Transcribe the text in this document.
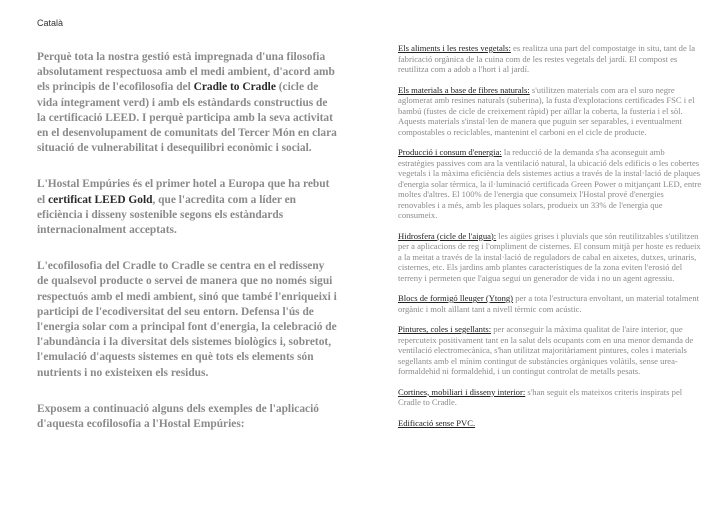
Català

Perquè tota la nostra gestió està impregnada d'una filosofia absolutament respectuosa amb el medi ambient, d'acord amb els principis de l'ecofilosofia del Cradle to Cradle (cicle de vida íntegrament verd) i amb els estàndards constructius de la certificació LEED. I perquè participa amb la seva activitat en el desenvolupament de comunitats del Tercer Món en clara situació de vulnerabilitat i desequilibri econòmic i social.

L'Hostal Empúries és el primer hotel a Europa que ha rebut el certificat LEED Gold, que l'acredita com a líder en eficiència i disseny sostenible segons els estàndards internacionalment acceptats.

L'ecofilosofia del Cradle to Cradle se centra en el redisseny de qualsevol producte o servei de manera que no només sigui respectuós amb el medi ambient, sinó que també l'enriqueixi i participi de l'ecodiversitat del seu entorn. Defensa l'ús de l'energia solar com a principal font d'energia, la celebració de l'abundància i la diversitat dels sistemes biològics i, sobretot, l'emulació d'aquests sistemes en què tots els elements són nutrients i no existeixen els residus.

Exposem a continuació alguns dels exemples de l'aplicació d'aquesta ecofilosofia a l'Hostal Empúries:

Els aliments i les restes vegetals: es realitza una part del compostatge in situ, tant de la fabricació orgànica de la cuina com de les restes vegetals del jardí. El compost es reutilitza com a adob a l'hort i al jardí.

Els materials a base de fibres naturals: s'utilitzen materials com ara el suro negre aglomerat amb resines naturals (suberina), la fusta d'explotacions certificades FSC i el bambú (fustes de cicle de creixement ràpid) per aïllar la coberta, la fusteria i el sòl. Aquests materials s'instal·len de manera que puguin ser separables, i eventualment compostables o reciclables, mantenint el carboni en el cicle de producte.

Producció i consum d'energia: la reducció de la demanda s'ha aconseguit amb estratègies passives com ara la ventilació natural, la ubicació dels edificis o les cobertes vegetals i la màxima eficiència dels sistemes actius a través de la instal·lació de plaques d'energia solar tèrmica, la il·luminació certificada Green Power o mitjançant LED, entre moltes d'altres. El 100% de l'energia que consumeix l'Hostal prové d'energies renovables i a més, amb les plaques solars, produeix un 33% de l'energia que consumeix.

Hidrosfera (cicle de l'aigua): les aigües grises i pluvials que són reutilitzables s'utilitzen per a aplicacions de reg i l'ompliment de cisternes. El consum mitjà per hoste es redueix a la meitat a través de la instal·lació de reguladors de cabal en aixetes, dutxes, urinaris, cisternes, etc. Els jardins amb plantes característiques de la zona eviten l'erosió del terreny i permeten que l'aigua segui un generador de vida i no un agent agressiu.

Blocs de formigó lleuger (Ytong) per a tota l'estructura envoltant, un material totalment orgànic i molt aïllant tant a nivell tèrmic com acústic.

Pintures, coles i segellants: per aconseguir la màxima qualitat de l'aire interior, que repercuteix positivament tant en la salut dels ocupants com en una menor demanda de ventilació electromecànica, s'han utilitzat majoritàriament pintures, coles i materials segellants amb el mínim contingut de substàncies orgàniques volàtils, sense urea-formaldehid ni formaldehid, i un contingut controlat de metalls pesats.

Cortines, mobiliari i disseny interior: s'han seguit els mateixos criteris inspirats pel Cradle to Cradle.

Edificació sense PVC.
